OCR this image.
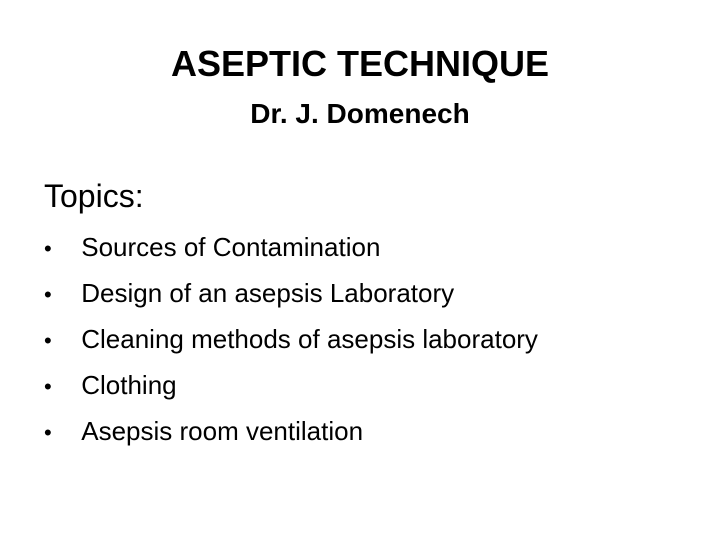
ASEPTIC TECHNIQUE
Dr. J. Domenech
Topics:
• Sources of Contamination
• Design of an asepsis Laboratory
• Cleaning methods of asepsis laboratory
• Clothing
• Asepsis room ventilation
